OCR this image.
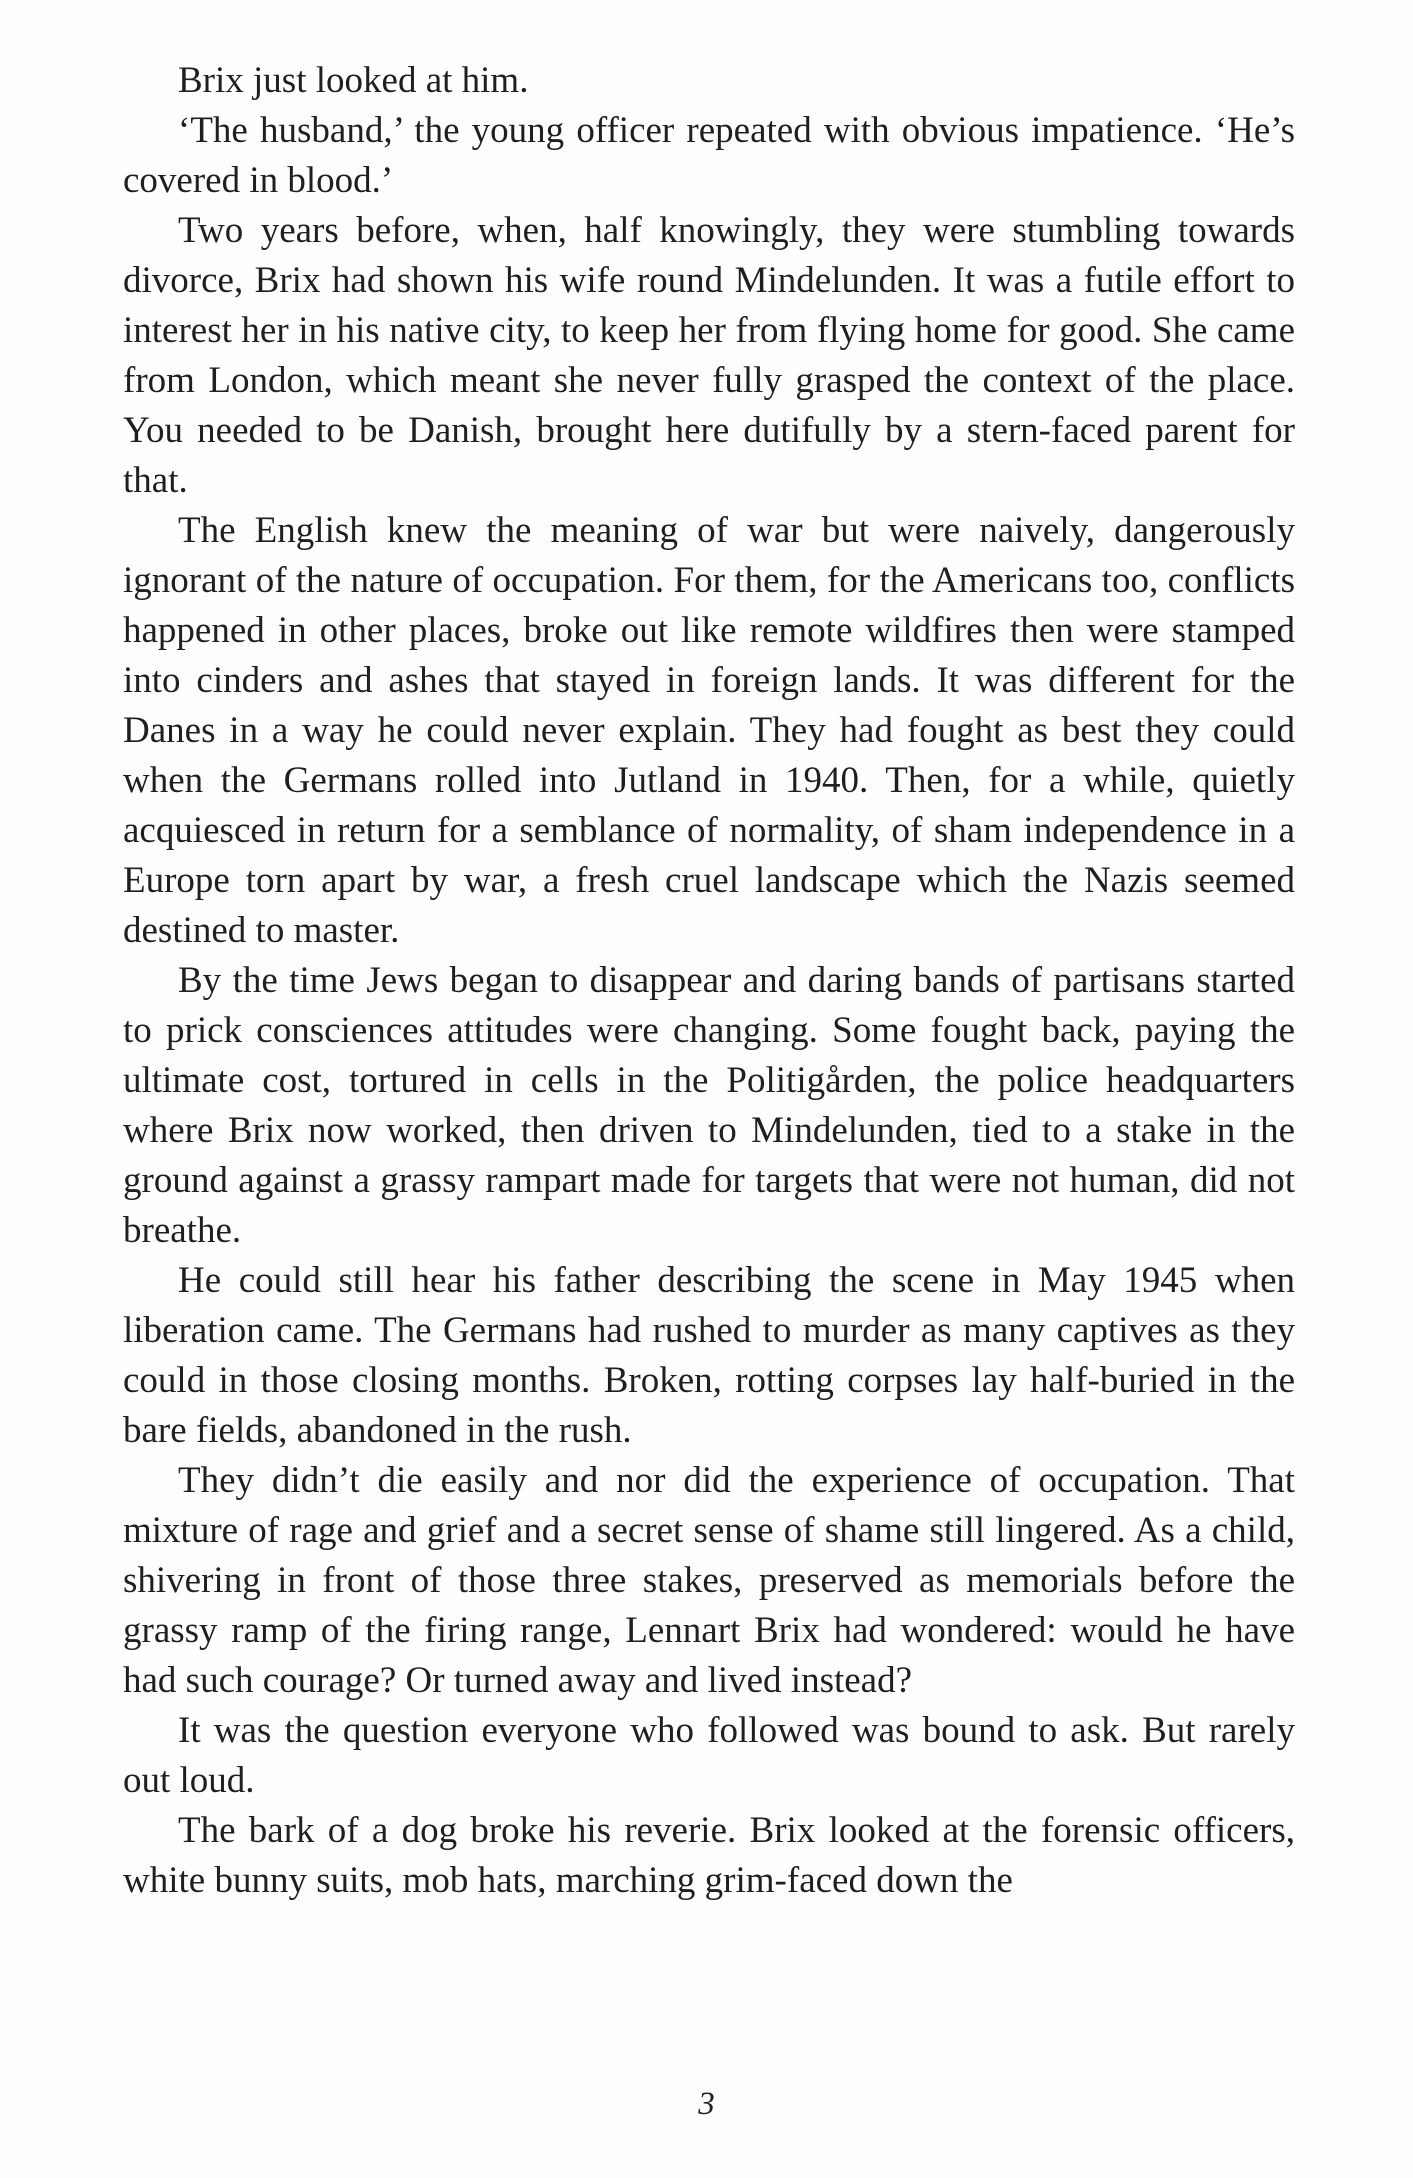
Brix just looked at him.

‘The husband,’ the young officer repeated with obvious impatience. ‘He’s covered in blood.’

Two years before, when, half knowingly, they were stumbling towards divorce, Brix had shown his wife round Mindelunden. It was a futile effort to interest her in his native city, to keep her from flying home for good. She came from London, which meant she never fully grasped the context of the place. You needed to be Danish, brought here dutifully by a stern-faced parent for that.

The English knew the meaning of war but were naively, dangerously ignorant of the nature of occupation. For them, for the Americans too, conflicts happened in other places, broke out like remote wildfires then were stamped into cinders and ashes that stayed in foreign lands. It was different for the Danes in a way he could never explain. They had fought as best they could when the Germans rolled into Jutland in 1940. Then, for a while, quietly acquiesced in return for a semblance of normality, of sham independence in a Europe torn apart by war, a fresh cruel landscape which the Nazis seemed destined to master.

By the time Jews began to disappear and daring bands of partisans started to prick consciences attitudes were changing. Some fought back, paying the ultimate cost, tortured in cells in the Politigården, the police headquarters where Brix now worked, then driven to Mindelunden, tied to a stake in the ground against a grassy rampart made for targets that were not human, did not breathe.

He could still hear his father describing the scene in May 1945 when liberation came. The Germans had rushed to murder as many captives as they could in those closing months. Broken, rotting corpses lay half-buried in the bare fields, abandoned in the rush.

They didn’t die easily and nor did the experience of occupation. That mixture of rage and grief and a secret sense of shame still lingered. As a child, shivering in front of those three stakes, preserved as memorials before the grassy ramp of the firing range, Lennart Brix had wondered: would he have had such courage? Or turned away and lived instead?

It was the question everyone who followed was bound to ask. But rarely out loud.

The bark of a dog broke his reverie. Brix looked at the forensic officers, white bunny suits, mob hats, marching grim-faced down the

3
